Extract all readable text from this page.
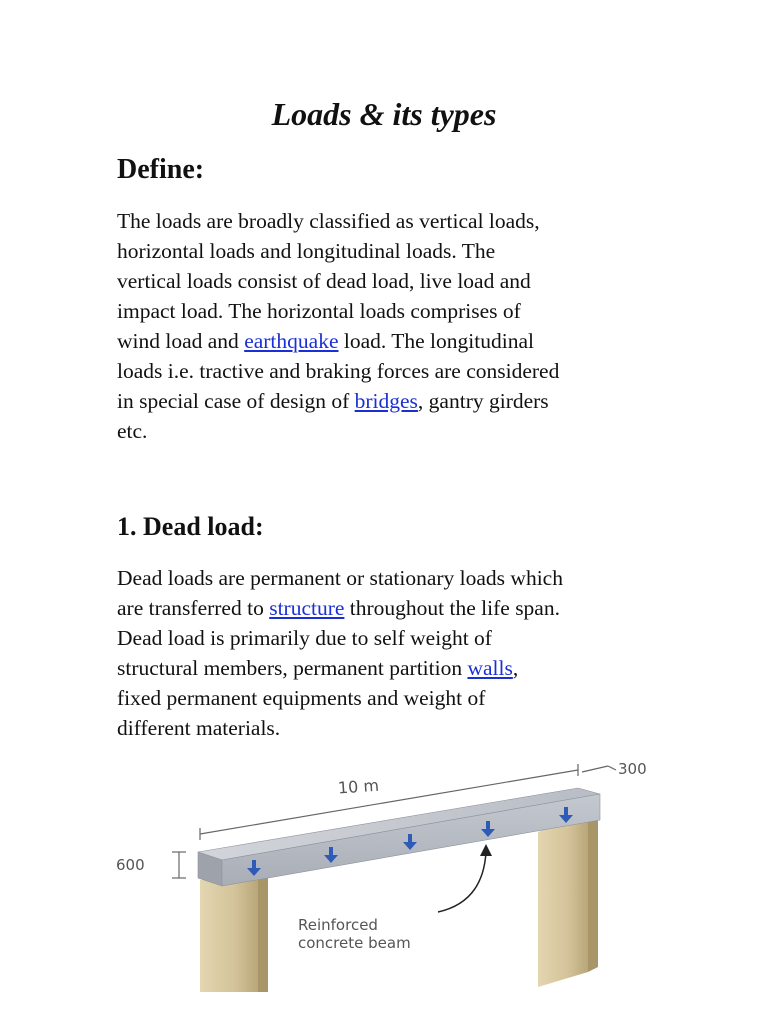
Loads & its types
Define:
The loads are broadly classified as vertical loads,
horizontal loads and longitudinal loads. The
vertical loads consist of dead load, live load and
impact load. The horizontal loads comprises of
wind load and earthquake load. The longitudinal
loads i.e. tractive and braking forces are considered
in special case of design of bridges, gantry girders
etc.
1. Dead load:
Dead loads are permanent or stationary loads which
are transferred to structure throughout the life span.
Dead load is primarily due to self weight of
structural members, permanent partition walls,
fixed permanent equipments and weight of
different materials.
10 m
300
600
Reinforced
concrete beam
